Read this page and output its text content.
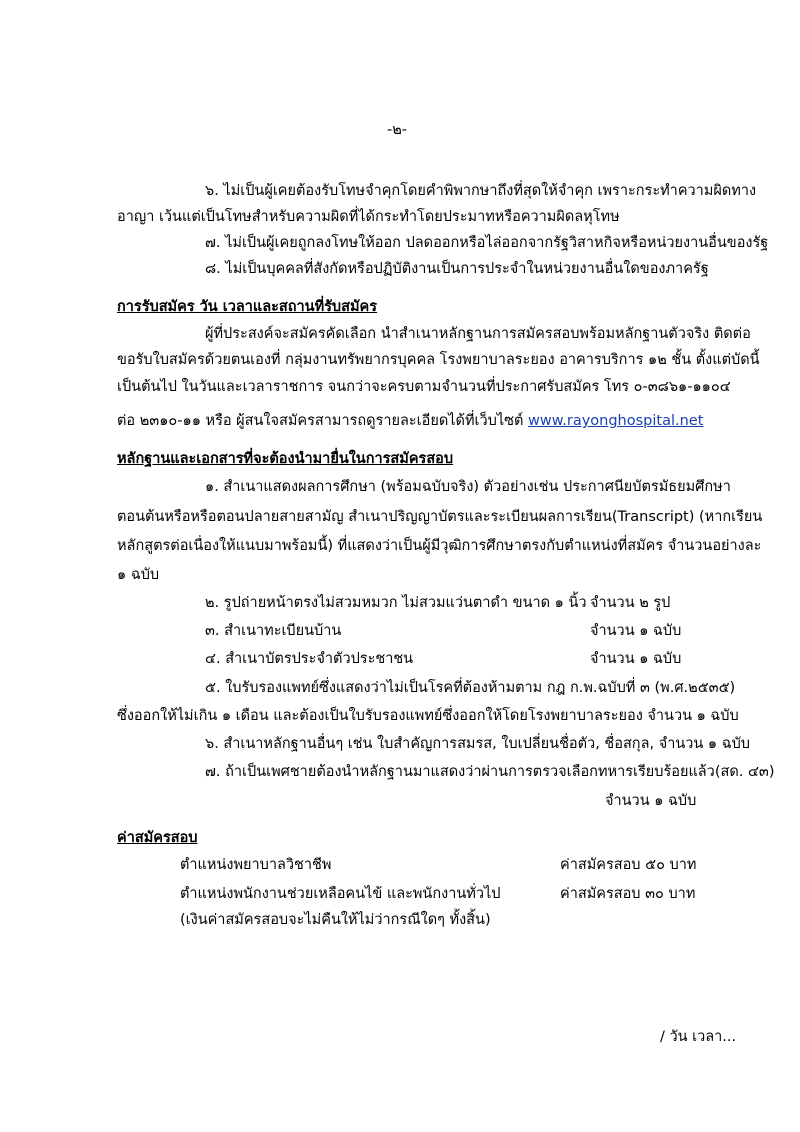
-๒-
๖. ไม่เป็นผู้เคยต้องรับโทษจำคุกโดยคำพิพากษาถึงที่สุดให้จำคุก เพราะกระทำความผิดทาง
อาญา เว้นแต่เป็นโทษสำหรับความผิดที่ได้กระทำโดยประมาทหรือความผิดลหุโทษ
๗. ไม่เป็นผู้เคยถูกลงโทษให้ออก ปลดออกหรือไล่ออกจากรัฐวิสาหกิจหรือหน่วยงานอื่นของรัฐ
๘. ไม่เป็นบุคคลที่สังกัดหรือปฏิบัติงานเป็นการประจำในหน่วยงานอื่นใดของภาครัฐ
การรับสมัคร วัน เวลาและสถานที่รับสมัคร
ผู้ที่ประสงค์จะสมัครคัดเลือก นำสำเนาหลักฐานการสมัครสอบพร้อมหลักฐานตัวจริง ติดต่อ
ขอรับใบสมัครด้วยตนเองที่ กลุ่มงานทรัพยากรบุคคล โรงพยาบาลระยอง อาคารบริการ ๑๒ ชั้น ตั้งแต่บัดนี้
เป็นต้นไป ในวันและเวลาราชการ จนกว่าจะครบตามจำนวนที่ประกาศรับสมัคร โทร ๐-๓๘๖๑-๑๑๐๔
ต่อ ๒๓๑๐-๑๑ หรือ ผู้สนใจสมัครสามารถดูรายละเอียดได้ที่เว็บไซต์ www.rayonghospital.net
หลักฐานและเอกสารที่จะต้องนำมายื่นในการสมัครสอบ
๑. สำเนาแสดงผลการศึกษา (พร้อมฉบับจริง) ตัวอย่างเช่น ประกาศนียบัตรมัธยมศึกษา
ตอนต้นหรือหรือตอนปลายสายสามัญ สำเนาปริญญาบัตรและระเบียนผลการเรียน(Transcript) (หากเรียน
หลักสูตรต่อเนื่องให้แนบมาพร้อมนี้) ที่แสดงว่าเป็นผู้มีวุฒิการศึกษาตรงกับตำแหน่งที่สมัคร จำนวนอย่างละ
๑ ฉบับ
๒. รูปถ่ายหน้าตรงไม่สวมหมวก ไม่สวมแว่นตาดำ ขนาด ๑ นิ้ว จำนวน ๒ รูป
๓. สำเนาทะเบียนบ้าน	จำนวน ๑ ฉบับ
๔. สำเนาบัตรประจำตัวประชาชน	จำนวน ๑ ฉบับ
๕. ใบรับรองแพทย์ซึ่งแสดงว่าไม่เป็นโรคที่ต้องห้ามตาม กฎ ก.พ.ฉบับที่ ๓ (พ.ศ.๒๕๓๕)
ซึ่งออกให้ไม่เกิน ๑ เดือน และต้องเป็นใบรับรองแพทย์ซึ่งออกให้โดยโรงพยาบาลระยอง จำนวน ๑ ฉบับ
๖. สำเนาหลักฐานอื่นๆ เช่น ใบสำคัญการสมรส, ใบเปลี่ยนชื่อตัว, ชื่อสกุล, จำนวน ๑ ฉบับ
๗. ถ้าเป็นเพศชายต้องนำหลักฐานมาแสดงว่าผ่านการตรวจเลือกทหารเรียบร้อยแล้ว(สด. ๔๓)
จำนวน ๑ ฉบับ
ค่าสมัครสอบ
ตำแหน่งพยาบาลวิชาชีพ	ค่าสมัครสอบ ๕๐ บาท
ตำแหน่งพนักงานช่วยเหลือคนไข้ และพนักงานทั่วไป	ค่าสมัครสอบ ๓๐ บาท
(เงินค่าสมัครสอบจะไม่คืนให้ไม่ว่ากรณีใดๆ ทั้งสิ้น)
/ วัน เวลา...
